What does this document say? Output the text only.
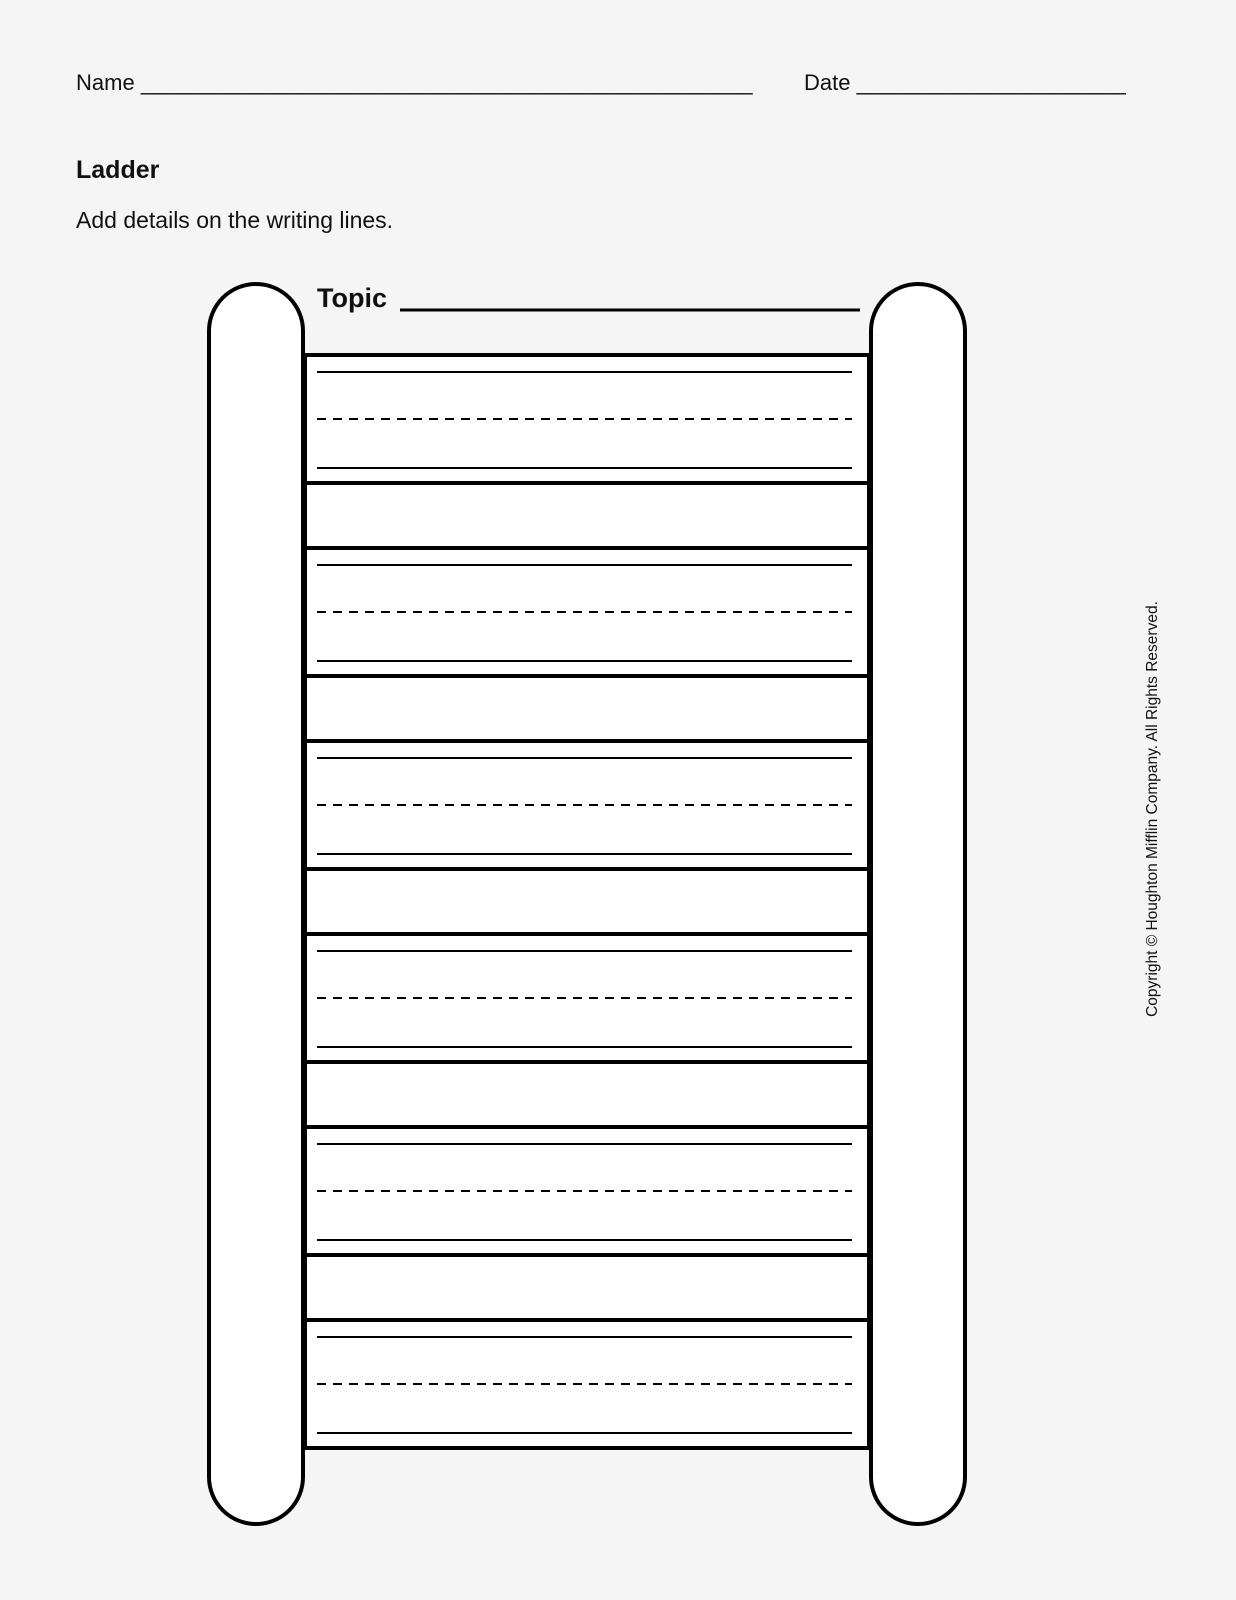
Name __________________________________________________ Date ______________________
Ladder
Add details on the writing lines.
Topic
Copyright © Houghton Mifflin Company. All Rights Reserved.
